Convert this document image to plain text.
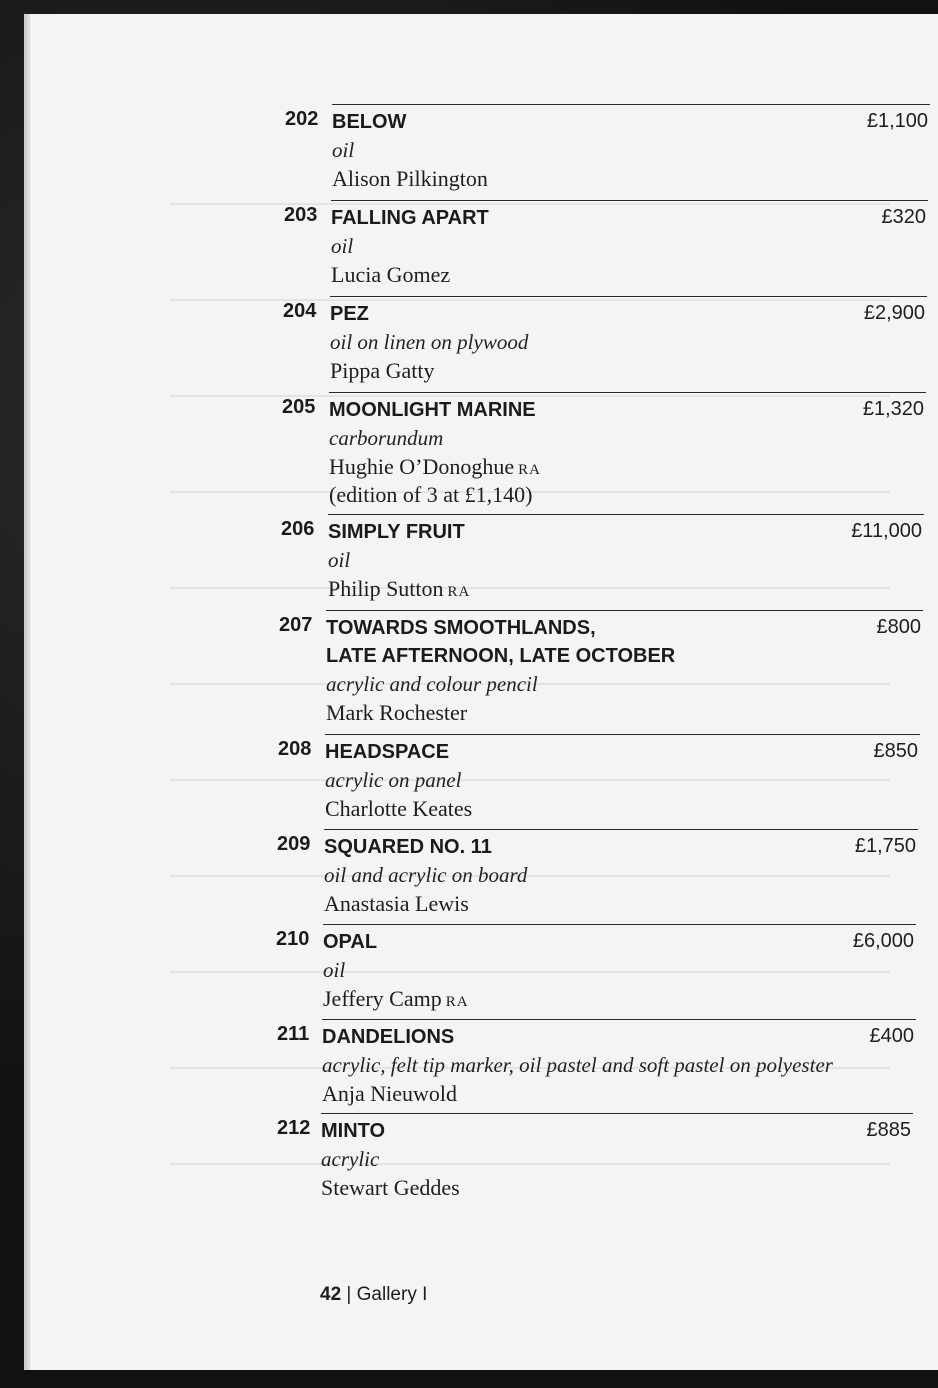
202 BELOW
oil
Alison Pilkington
£1,100
203 FALLING APART
oil
Lucia Gomez
£320
204 PEZ
oil on linen on plywood
Pippa Gatty
£2,900
205 MOONLIGHT MARINE
carborundum
Hughie O’Donoghue RA
(edition of 3 at £1,140)
£1,320
206 SIMPLY FRUIT
oil
Philip Sutton RA
£11,000
207 TOWARDS SMOOTHLANDS,
LATE AFTERNOON, LATE OCTOBER
acrylic and colour pencil
Mark Rochester
£800
208 HEADSPACE
acrylic on panel
Charlotte Keates
£850
209 SQUARED NO. 11
oil and acrylic on board
Anastasia Lewis
£1,750
210 OPAL
oil
Jeffery Camp RA
£6,000
211 DANDELIONS
acrylic, felt tip marker, oil pastel and soft pastel on polyester
Anja Nieuwold
£400
212 MINTO
acrylic
Stewart Geddes
£885
42 | Gallery I
